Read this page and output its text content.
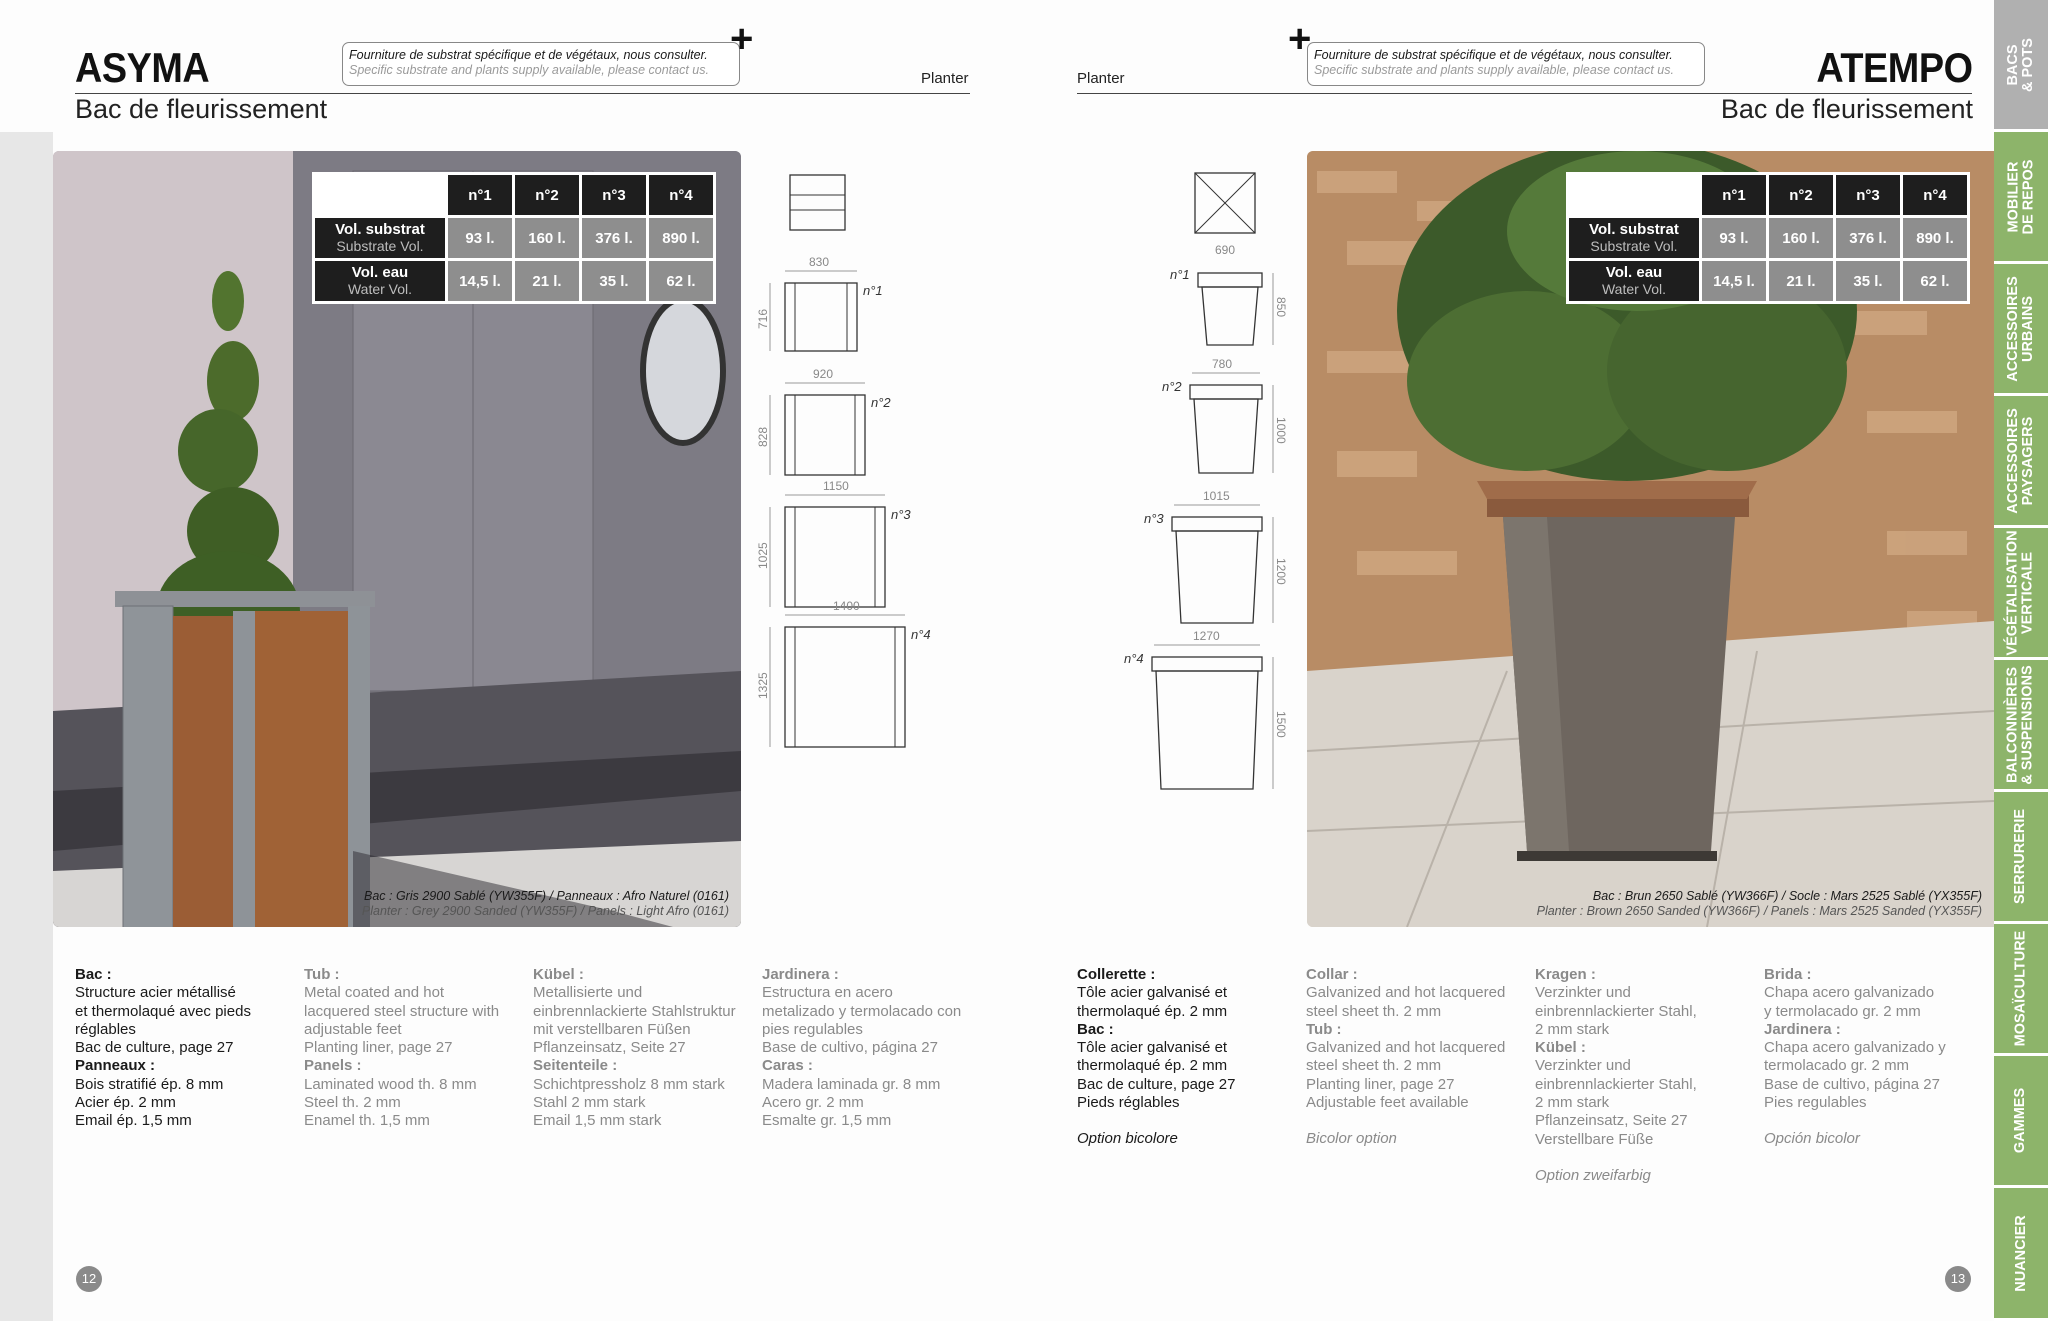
ASYMA
Bac de fleurissement
Planter
Fourniture de substrat spécifique et de végétaux, nous consulter.
Specific substrate and plants supply available, please contact us.
+
	n°1	n°2	n°3	n°4

Vol. substrat
Substrate Vol.	93 l.	160 l.	376 l.	890 l.

Vol. eau
Water Vol.	14,5 l.	21 l.	35 l.	62 l.
Bac : Gris 2900 Sablé (YW355F) / Panneaux : Afro Naturel (0161)
Planter : Grey 2900 Sanded (YW355F) / Panels : Light Afro (0161)
830
716
n°1
920
828
n°2
1150
1025
n°3
1400
1325
n°4

Bac :

Structure acier métallisé
et thermolaqué avec pieds
réglables
Bac de culture, page 27

Panneaux :

Bois stratifié ép. 8 mm
Acier ép. 2 mm
Email ép. 1,5 mm

Tub :

Metal coated and hot
lacquered steel structure with
adjustable feet
Planting liner, page 27

Panels :

Laminated wood th. 8 mm
Steel th. 2 mm
Enamel th. 1,5 mm

Kübel :

Metallisierte und
einbrennlackierte Stahlstruktur
mit verstellbaren Füßen
Pflanzeinsatz, Seite 27

Seitenteile :

Schichtpressholz 8 mm stark
Stahl 2 mm stark
Email 1,5 mm stark

Jardinera :

Estructura en acero
metalizado y termolacado con
pies regulables
Base de cultivo, página 27

Caras :

Madera laminada gr. 8 mm
Acero gr. 2 mm
Esmalte gr. 1,5 mm

12
ATEMPO
Bac de fleurissement
Planter
Fourniture de substrat spécifique et de végétaux, nous consulter.
Specific substrate and plants supply available, please contact us.
+
	n°1	n°2	n°3	n°4

Vol. substrat
Substrate Vol.	93 l.	160 l.	376 l.	890 l.

Vol. eau
Water Vol.	14,5 l.	21 l.	35 l.	62 l.
Bac : Brun 2650 Sablé (YW366F) / Socle : Mars 2525 Sablé (YX355F)
Planter : Brown 2650 Sanded (YW366F) / Panels : Mars 2525 Sanded (YX355F)
690
850
n°1
780
1000
n°2
1015
1200
n°3
1270
1500
n°4

Collerette :

Tôle acier galvanisé et
thermolaqué ép. 2 mm

Bac :

Tôle acier galvanisé et
thermolaqué ép. 2 mm
Bac de culture, page 27
Pieds réglables

Option bicolore

Collar :

Galvanized and hot lacquered
steel sheet th. 2 mm

Tub :

Galvanized and hot lacquered
steel sheet th. 2 mm
Planting liner, page 27
Adjustable feet available

Bicolor option

Kragen :

Verzinkter und
einbrennlackierter Stahl,
2 mm stark

Kübel :

Verzinkter und
einbrennlackierter Stahl,
2 mm stark
Pflanzeinsatz, Seite 27
Verstellbare Füße

Option zweifarbig

Brida :

Chapa acero galvanizado
y termolacado gr. 2 mm

Jardinera :

Chapa acero galvanizado y
termolacado gr. 2 mm
Base de cultivo, página 27
Pies regulables

Opción bicolor

13
BACS
& POTS
MOBILIER
DE REPOS
ACCESSOIRES
URBAINS
ACCESSOIRES
PAYSAGERS
VÉGÉTALISATION
VERTICALE
BALCONNIÈRES
& SUSPENSIONS
SERRURERIE
MOSAÏCULTURE
GAMMES
NUANCIER
